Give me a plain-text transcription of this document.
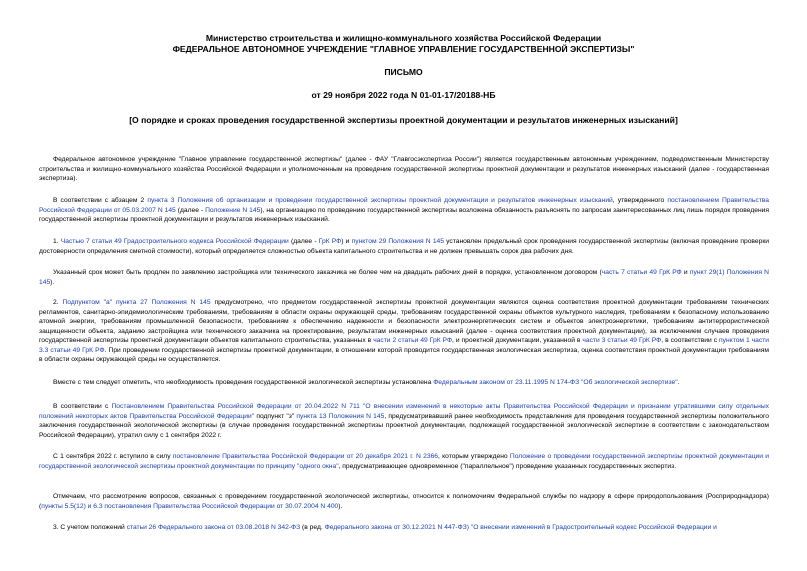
Министерство строительства и жилищно-коммунального хозяйства Российской Федерации
ФЕДЕРАЛЬНОЕ АВТОНОМНОЕ УЧРЕЖДЕНИЕ "ГЛАВНОЕ УПРАВЛЕНИЕ ГОСУДАРСТВЕННОЙ ЭКСПЕРТИЗЫ"
ПИСЬМО
от 29 ноября 2022 года N 01-01-17/20188-НБ
[О порядке и сроках проведения государственной экспертизы проектной документации и результатов инженерных изысканий]

Федеральное автономное учреждение "Главное управление государственной экспертизы" (далее - ФАУ "Главгосэкспертиза России") является государственным автономным учреждением, подведомственным Министерству строительства и жилищно-коммунального хозяйства Российской Федерации и уполномоченным на проведение государственной экспертизы проектной документации и результатов инженерных изысканий (далее - государственная экспертиза).

В соответствии с абзацем 2 пункта 3 Положения об организации и проведении государственной экспертизы проектной документации и результатов инженерных изысканий, утвержденного постановлением Правительства Российской Федерации от 05.03.2007 N 145 (далее - Положение N 145), на организацию по проведению государственной экспертизы возложена обязанность разъяснять по запросам заинтересованных лиц лишь порядок проведения государственной экспертизы проектной документации и результатов инженерных изысканий.

1. Частью 7 статьи 49 Градостроительного кодекса Российской Федерации (далее - ГрК РФ) и пунктом 29 Положения N 145 установлен предельный срок проведения государственной экспертизы (включая проведение проверки достоверности определения сметной стоимости), который определяется сложностью объекта капитального строительства и не должен превышать сорок два рабочих дня.

Указанный срок может быть продлен по заявлению застройщика или технического заказчика не более чем на двадцать рабочих дней в порядке, установленном договором (часть 7 статьи 49 ГрК РФ и пункт 29(1) Положения N 145).

2. Подпунктом "а" пункта 27 Положения N 145 предусмотрено, что предметом государственной экспертизы проектной документации являются оценка соответствия проектной документации требованиям технических регламентов, санитарно-эпидемиологическим требованиям, требованиям в области охраны окружающей среды, требованиям государственной охраны объектов культурного наследия, требованиям к безопасному использованию атомной энергии, требованиям промышленной безопасности, требованиям к обеспечению надежности и безопасности электроэнергетических систем и объектов электроэнергетики, требованиям антитеррористической защищенности объекта, заданию застройщика или технического заказчика на проектирование, результатам инженерных изысканий (далее - оценка соответствия проектной документации), за исключением случаев проведения государственной экспертизы проектной документации объектов капитального строительства, указанных в части 2 статьи 49 ГрК РФ, и проектной документации, указанной в части 3 статьи 49 ГрК РФ, в соответствии с пунктом 1 части 3.3 статьи 49 ГрК РФ. При проведении государственной экспертизы проектной документации, в отношении которой проводится государственная экологическая экспертиза, оценка соответствия проектной документации требованиям в области охраны окружающей среды не осуществляется.

Вместе с тем следует отметить, что необходимость проведения государственной экологической экспертизы установлена Федеральным законом от 23.11.1995 N 174-ФЗ "Об экологической экспертизе".

В соответствии с Постановлением Правительства Российской Федерации от 20.04.2022 N 711 "О внесении изменений в некоторые акты Правительства Российской Федерации и признании утратившими силу отдельных положений некоторых актов Правительства Российской Федерации" подпункт "з" пункта 13 Положения N 145, предусматривавший ранее необходимость представления для проведения государственной экспертизы положительного заключения государственной экологической экспертизы (в случае проведения государственной экспертизы проектной документации, подлежащей государственной экологической экспертизе в соответствии с законодательством Российской Федерации), утратил силу с 1 сентября 2022 г.

С 1 сентября 2022 г. вступило в силу постановление Правительства Российской Федерации от 20 декабря 2021 г. N 2366, которым утверждено Положение о проведении государственной экспертизы проектной документации и государственной экологической экспертизы проектной документации по принципу "одного окна", предусматривающее одновременное ("параллельное") проведение указанных государственных экспертиз.

Отмечаем, что рассмотрение вопросов, связанных с проведением государственной экологической экспертизы, относится к полномочиям Федеральной службы по надзору в сфере природопользования (Росприроднадзора) (пункты 5.5(12) и 6.3 постановления Правительства Российской Федерации от 30.07.2004 N 400).

3. С учетом положений статьи 26 Федерального закона от 03.08.2018 N 342-ФЗ (в ред. Федерального закона от 30.12.2021 N 447-ФЗ) "О внесении изменений в Градостроительный кодекс Российской Федерации и
